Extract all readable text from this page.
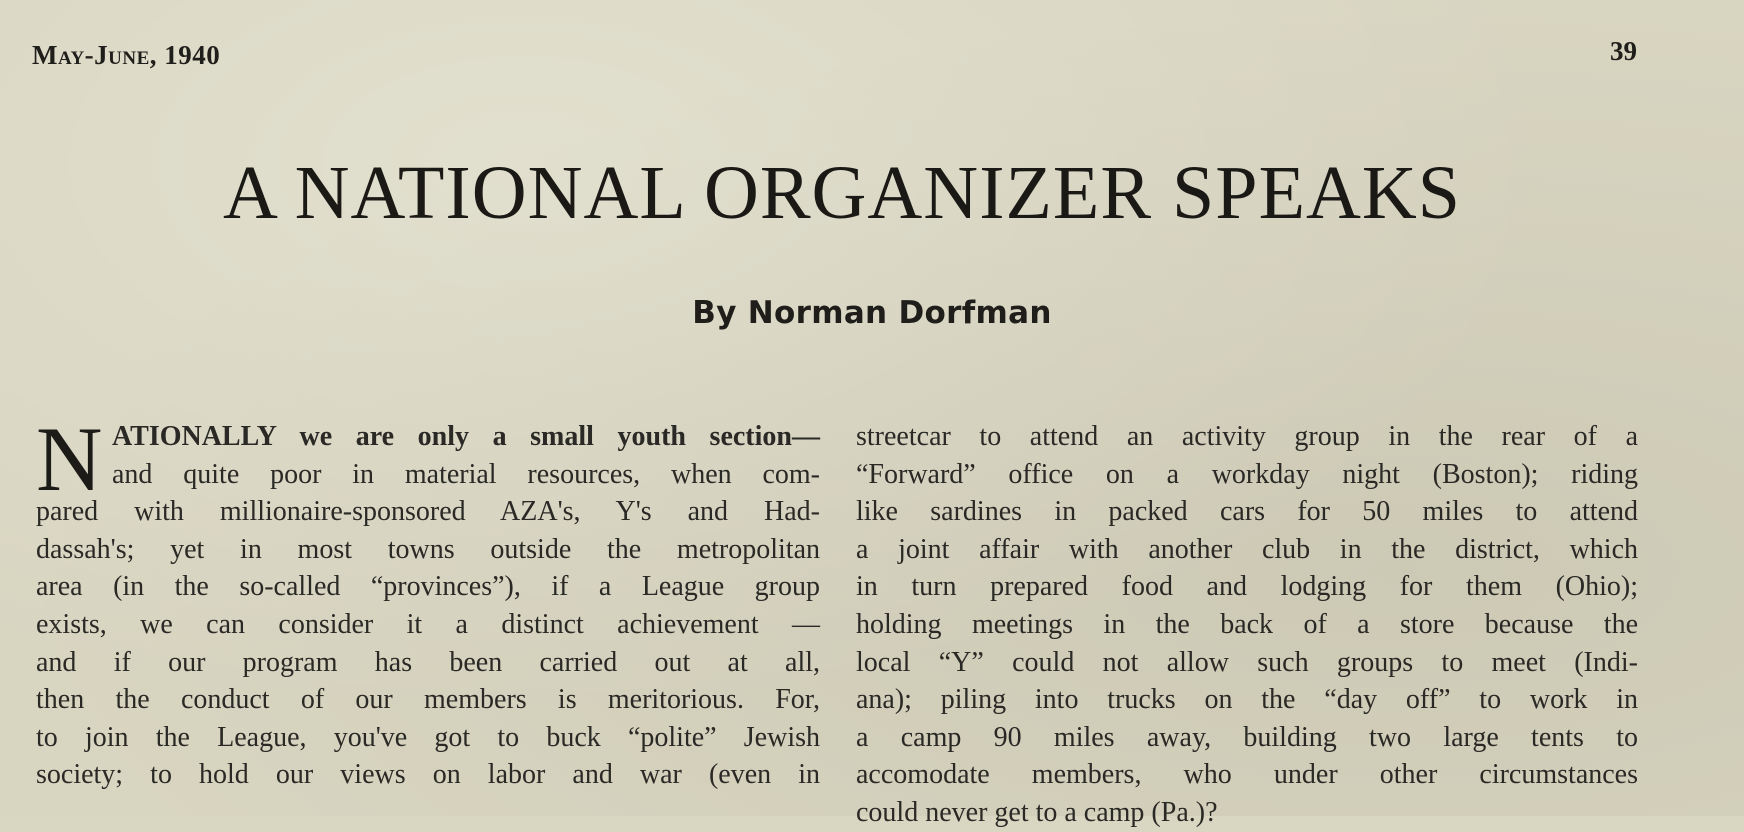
May-June, 1940	39
A NATIONAL ORGANIZER SPEAKS
By Norman Dorfman
N ATIONALLY we are only a small youth section—
and quite poor in material resources, when com-
pared with millionaire-sponsored AZA's, Y's and Had-
dassah's; yet in most towns outside the metropolitan
area (in the so-called “provinces”), if a League group
exists, we can consider it a distinct achievement —
and if our program has been carried out at all,
then the conduct of our members is meritorious. For,
to join the League, you've got to buck “polite” Jewish
society; to hold our views on labor and war (even in
streetcar to attend an activity group in the rear of a
“Forward” office on a workday night (Boston); riding
like sardines in packed cars for 50 miles to attend
a joint affair with another club in the district, which
in turn prepared food and lodging for them (Ohio);
holding meetings in the back of a store because the
local “Y” could not allow such groups to meet (Indi-
ana); piling into trucks on the “day off” to work in
a camp 90 miles away, building two large tents to
accomodate members, who under other circumstances
could never get to a camp (Pa.)?
